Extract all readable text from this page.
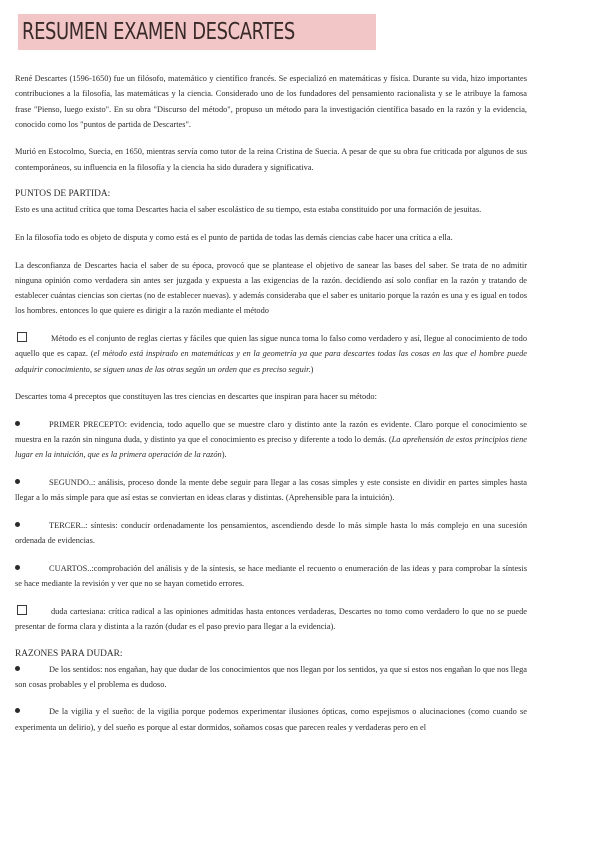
RESUMEN EXAMEN DESCARTES

René Descartes (1596-1650) fue un filósofo, matemático y científico francés. Se especializó en matemáticas y física. Durante su vida, hizo importantes contribuciones a la filosofía, las matemáticas y la ciencia. Considerado uno de los fundadores del pensamiento racionalista y se le atribuye la famosa frase "Pienso, luego existo". En su obra "Discurso del método", propuso un método para la investigación científica basado en la razón y la evidencia, conocido como los "puntos de partida de Descartes".

Murió en Estocolmo, Suecia, en 1650, mientras servía como tutor de la reina Cristina de Suecia. A pesar de que su obra fue criticada por algunos de sus contemporáneos, su influencia en la filosofía y la ciencia ha sido duradera y significativa.

PUNTOS DE PARTIDA:

Esto es una actitud crítica que toma Descartes hacia el saber escolástico de su tiempo, esta estaba constituido por una formación de jesuitas.

En la filosofía todo es objeto de disputa y como está es el punto de partida de todas las demás ciencias cabe hacer una crítica a ella.

La desconfianza de Descartes hacia el saber de su época, provocó que se plantease el objetivo de sanear las bases del saber. Se trata de no admitir ninguna opinión como verdadera sin antes ser juzgada y expuesta a las exigencias de la razón. decidiendo así solo confiar en la razón y tratando de establecer cuántas ciencias son ciertas (no de establecer nuevas). y además consideraba que el saber es unitario porque la razón es una y es igual en todos los hombres. entonces lo que quiere es dirigir a la razón mediante el método

Método es el conjunto de reglas ciertas y fáciles que quien las sigue nunca toma lo falso como verdadero y así, llegue al conocimiento de todo aquello que es capaz. (el método está inspirado en matemáticas y en la geometría ya que para descartes todas las cosas en las que el hombre puede adquirir conocimiento, se siguen unas de las otras según un orden que es preciso seguir.)

Descartes toma 4 preceptos que constituyen las tres ciencias en descartes que inspiran para hacer su método:

PRIMER PRECEPTO: evidencia, todo aquello que se muestre claro y distinto ante la razón es evidente. Claro porque el conocimiento se muestra en la razón sin ninguna duda, y distinto ya que el conocimiento es preciso y diferente a todo lo demás. (La aprehensión de estos principios tiene lugar en la intuición, que es la primera operación de la razón).

SEGUNDO..: análisis, proceso donde la mente debe seguir para llegar a las cosas simples y este consiste en dividir en partes simples hasta llegar a lo más simple para que así estas se conviertan en ideas claras y distintas. (Aprehensible para la intuición).

TERCER..: síntesis: conducir ordenadamente los pensamientos, ascendiendo desde lo más simple hasta lo más complejo en una sucesión ordenada de evidencias.

CUARTOS..:comprobación del análisis y de la síntesis, se hace mediante el recuento o enumeración de las ideas y para comprobar la síntesis se hace mediante la revisión y ver que no se hayan cometido errores.

duda cartesiana: crítica radical a las opiniones admitidas hasta entonces verdaderas, Descartes no tomo como verdadero lo que no se puede presentar de forma clara y distinta a la razón (dudar es el paso previo para llegar a la evidencia).

RAZONES PARA DUDAR:

De los sentidos: nos engañan, hay que dudar de los conocimientos que nos llegan por los sentidos, ya que si estos nos engañan lo que nos llega son cosas probables y el problema es dudoso.

De la vigilia y el sueño: de la vigilia porque podemos experimentar ilusiones ópticas, como espejismos o alucinaciones (como cuando se experimenta un delirio), y del sueño es porque al estar dormidos, soñamos cosas que parecen reales y verdaderas pero en el
